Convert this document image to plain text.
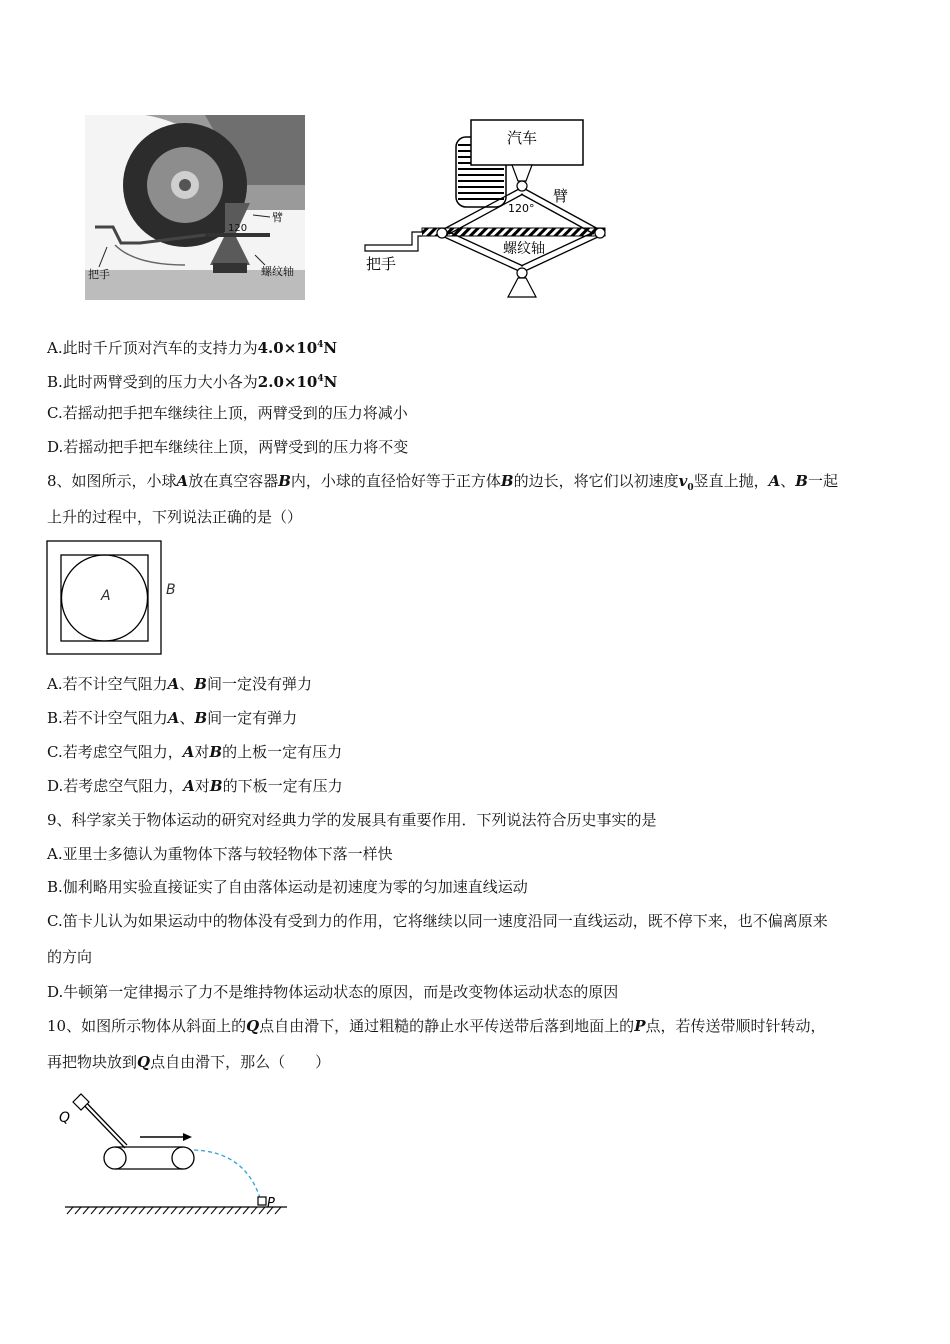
臂
120
把手	螺纹轴
汽车
把手
120°
臂
螺纹轴
A.此时千斤顶对汽车的支持力为$4.0\times 10^4N$
B.此时两臂受到的压力大小各为$2.0\times 10^4N$
C.若摇动把手把车继续往上顶，两臂受到的压力将减小
D.若摇动把手把车继续往上顶，两臂受到的压力将不变
8、如图所示，小球A放在真空容器B内，小球的直径恰好等于正方体B的边长，将它们以初速度$v_0$竖直上抛，A、B一起
上升的过程中，下列说法正确的是（）
A	B
A.若不计空气阻力A、B间一定没有弹力
B.若不计空气阻力A、B间一定有弹力
C.若考虑空气阻力，A对B的上板一定有压力
D.若考虑空气阻力，A对B的下板一定有压力
9、科学家关于物体运动的研究对经典力学的发展具有重要作用．下列说法符合历史事实的是
A.亚里士多德认为重物体下落与较轻物体下落一样快
B.伽利略用实验直接证实了自由落体运动是初速度为零的匀加速直线运动
C.笛卡儿认为如果运动中的物体没有受到力的作用，它将继续以同一速度沿同一直线运动，既不停下来，也不偏离原来
的方向
D.牛顿第一定律揭示了力不是维持物体运动状态的原因，而是改变物体运动状态的原因
10、如图所示物体从斜面上的Q点自由滑下，通过粗糙的静止水平传送带后落到地面上的P点，若传送带顺时针转动，
再把物块放到Q点自由滑下，那么（　　）
Q
P
